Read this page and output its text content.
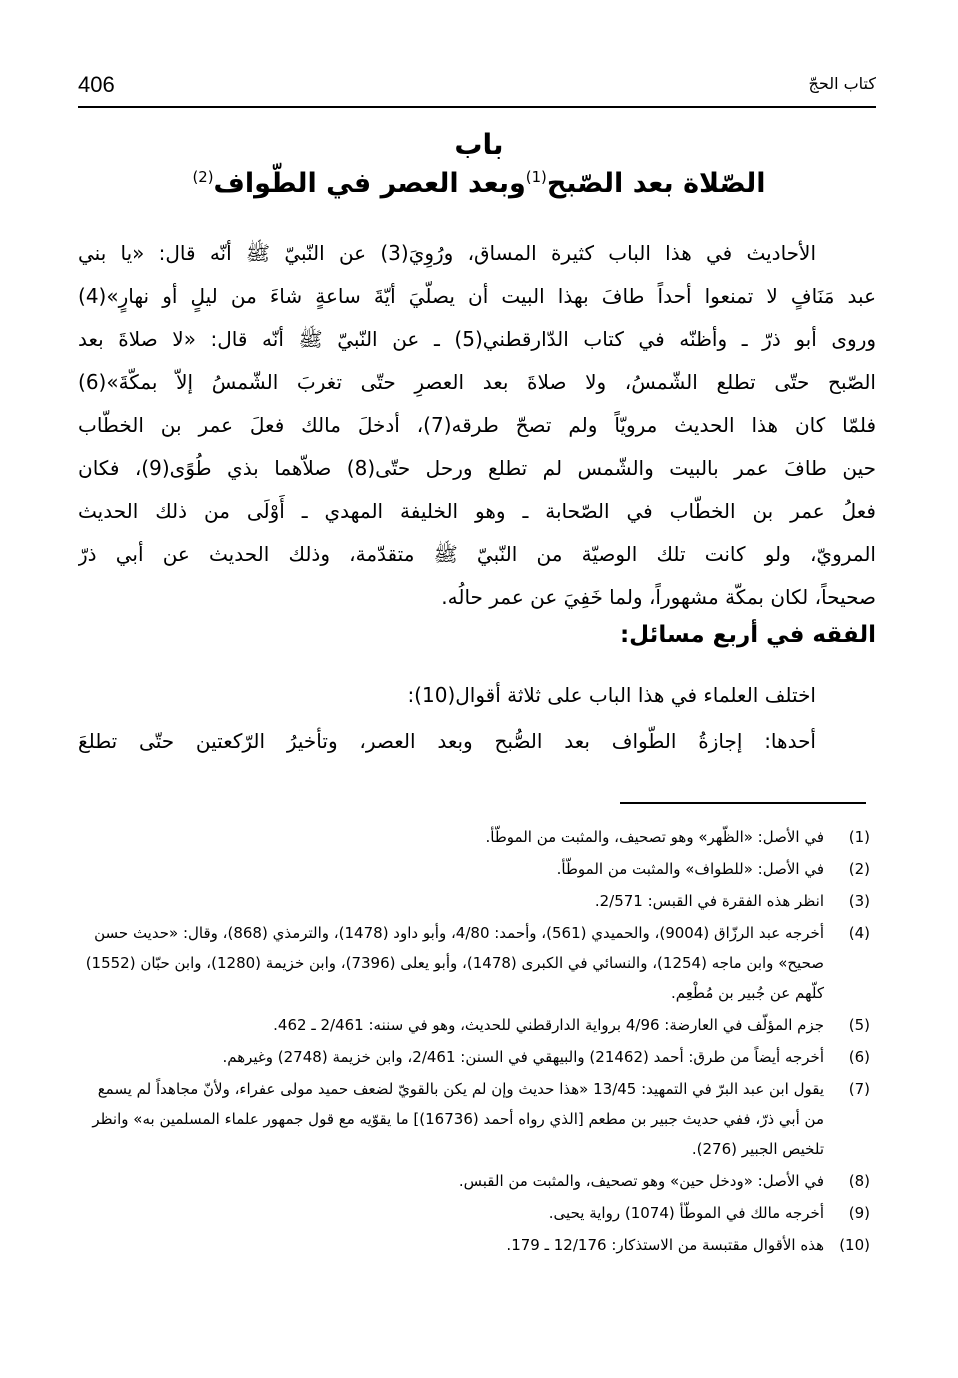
406	كتاب الحجّ
باب
الصّلاة بعد الصّبح$^{(1)}$وبعد العصر في الطّواف$^{(2)}$
الأحاديث في هذا الباب كثيرة المساق، ورُوِيَ(3) عن النّبيّ ﷺ أنّه قال: «يا بني
عبد مَنَافٍ لا تمنعوا أحداً طافَ بهذا البيت أن يصلّيَ أيّةَ ساعةٍ شاءَ من ليلٍ أو نهارٍ»(4)
وروى أبو ذرّ ـ وأظنّه في كتاب الدّارقطني(5) ـ عن النّبيّ ﷺ أنّه قال: «لا صلاةَ بعد
الصّبح حتّى تطلع الشّمسُ، ولا صلاةَ بعد العصرِ حتّى تغربَ الشّمسُ إلاّ بمكّةَ»(6)
فلمّا كان هذا الحديث مرويّاً ولم تصحّ طرقه(7)، أدخلَ مالك فعلَ عمر بن الخطّاب
حين طافَ عمر بالبيت والشّمس لم تطلع ورحل حتّى(8) صلاّهما بذي طُوًى(9)، فكان
فعلُ عمر بن الخطّاب في الصّحابة ـ وهو الخليفة المهدي ـ أَوْلَى من ذلك الحديث
المرويّ، ولو كانت تلك الوصيّة من النّبيّ ﷺ متقدّمة، وذلك الحديث عن أبي ذرّ
صحيحاً، لكان بمكّة مشهوراً، ولما خَفِيَ عن عمر حالُه.
الفقه في أربع مسائل:
اختلف العلماء في هذا الباب على ثلاثة أقوال(10):
أحدها: إجازةُ الطّواف بعد الصُّبح وبعد العصر، وتأخيرُ الرّكعتين حتّى تطلعَ
(1)
في الأصل: «الظّهر» وهو تصحيف، والمثبت من الموطّأ.
(2)
في الأصل: «للطواف» والمثبت من الموطّأ.
(3)
انظر هذه الفقرة في القبس: 2/571.
(4)
أخرجه عبد الرزّاق (9004)، والحميدي (561)، وأحمد: 4/80، وأبو داود (1478)، والترمذي (868)، وقال: «حديث حسن صحيح» وابن ماجه (1254)، والنسائي في الكبرى (1478)، وأبو يعلى (7396)، وابن خزيمة (1280)، وابن حبّان (1552) كلّهم عن جُبير بن مُطْعِم.
(5)
جزم المؤلّف في العارضة: 4/96 برواية الدارقطني للحديث، وهو في سننه: 2/461 ـ 462.
(6)
أخرجه أيضاً من طرق: أحمد (21462) والبيهقي في السنن: 2/461، وابن خزيمة (2748) وغيرهم.
(7)
يقول ابن عبد البرّ في التمهيد: 13/45 «هذا حديث وإن لم يكن بالقويّ لضعف حميد مولى عفراء، ولأنّ مجاهداً لم يسمع من أبي ذرّ، ففي حديث جبير بن مطعم [الذي رواه أحمد (16736)] ما يقوّيه مع قول جمهور علماء المسلمين به» وانظر تلخيص الجبير (276).
(8)
في الأصل: «ودخل حين» وهو تصحيف، والمثبت من القبس.
(9)
أخرجه مالك في الموطّأ (1074) رواية يحيى.
(10)
هذه الأقوال مقتبسة من الاستذكار: 12/176 ـ 179.
